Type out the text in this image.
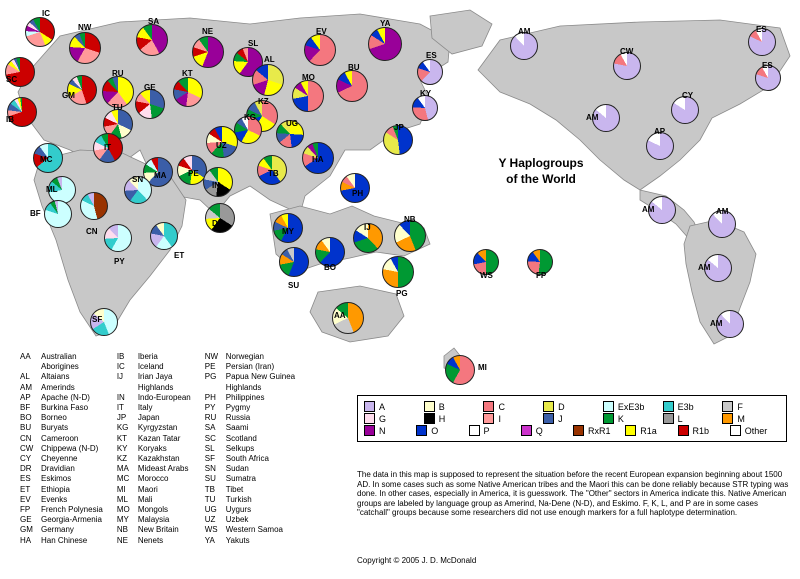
IC
SC
IB
NW
GM
SA
NE
SL
RU	KT
GE
TU
AL
EV
YA
ES
KY
MO
BU
KZ
KG
UZ
UG
IT
MA	PE
IN
DR
TB
HA
JP
PH
MY
SU
BO
IJ
NB
PG
AA
WS	FP
MI
MC
ML
BF
CN
PY
SN
ET
SF
AM
CW
ES
CY
ES
AM
AP
AM	AM
AM
AM
Y Haplogroups
of the World
AA	Australian	IB	Iberia	NW	Norwegian
	Aborigines	IC	Iceland	PE	Persian (Iran)
AL	Altaians	IJ	Irian Jaya	PG	Papua New Guinea
AM	Amerinds		Highlands		Highlands
AP	Apache (N-D)	IN	Indo-European	PH	Philippines
BF	Burkina Faso	IT	Italy	PY	Pygmy
BO	Borneo	JP	Japan	RU	Russia
BU	Buryats	KG	Kyrgyzstan	SA	Saami
CN	Cameroon	KT	Kazan Tatar	SC	Scotland
CW	Chippewa (N-D)	KY	Koryaks	SL	Selkups
CY	Cheyenne	KZ	Kazakhstan	SF	South Africa
DR	Dravidian	MA	Mideast Arabs	SN	Sudan
ES	Eskimos	MC	Morocco	SU	Sumatra
ET	Ethiopia	MI	Maori	TB	Tibet
EV	Evenks	ML	Mali	TU	Turkish
FP	French Polynesia	MO	Mongols	UG	Uygurs
GE	Georgia-Armenia	MY	Malaysia	UZ	Uzbek
GM	Germany	NB	New Britain	WS	Western Samoa
HA	Han Chinese	NE	Nenets	YA	Yakuts
A	B	C	D	ExE3b	E3b	F
G	H	I	J	K	L	M
N	O	P	Q	RxR1	R1a	R1b	Other
The data in this map is supposed to represent the situation before the recent European expansion beginning about 1500 AD. In some cases such as some Native American tribes and the Maori this can be done reliably because STR typing was done. In other cases, especially in America, it is guesswork. The "Other" sectors in America indicate this. Native American groups are labeled by language group as Amerind, Na-Dene (N-D), and Eskimo. F, K, L, and P are in some cases "catchall" groups because some researchers did not use enough markers for a full haplotype determination.
Copyright © 2005 J. D. McDonald
